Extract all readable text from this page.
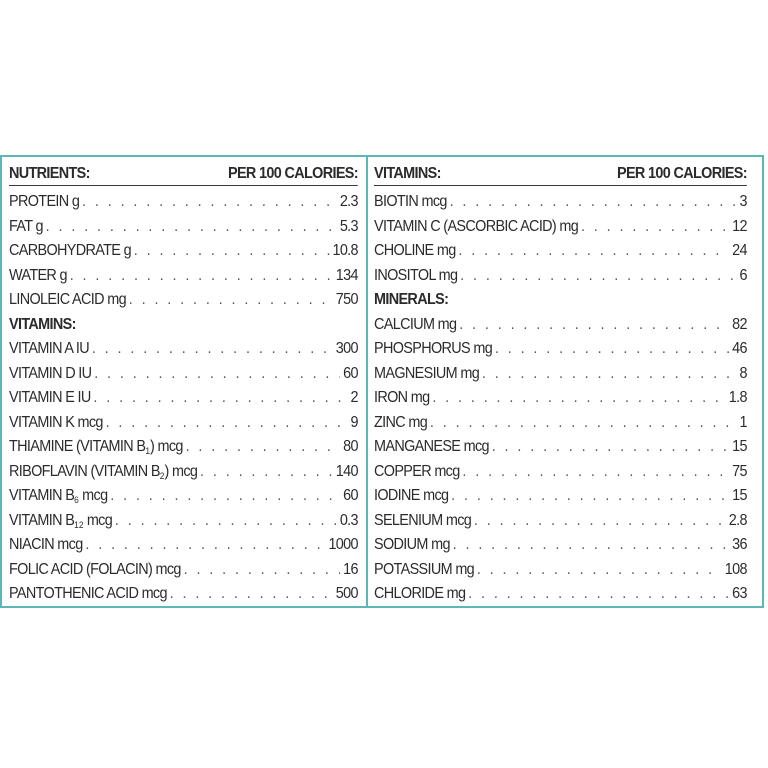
NUTRIENTS:	PER 100 CALORIES:
PROTEIN g . . .	2.3
FAT g . . .	5.3
CARBOHYDRATE g . . .	10.8
WATER g . . .	134
LINOLEIC ACID mg . . .	750
VITAMINS:
VITAMIN A IU . . .	300
VITAMIN D IU . . .	60
VITAMIN E IU . . .	2
VITAMIN K mcg . . .	9
THIAMINE (VITAMIN $B_1$) mcg . . .	80
RIBOFLAVIN (VITAMIN $B_2$) mcg . . .	140
VITAMIN $B_6$ mcg . . .	60
VITAMIN $B_{12}$ mcg . . .	0.3
NIACIN mcg . . .	1000
FOLIC ACID (FOLACIN) mcg . . .	16
PANTOTHENIC ACID mcg . . .	500
VITAMINS:	PER 100 CALORIES:
BIOTIN mcg . . .	3
VITAMIN C (ASCORBIC ACID) mg . . .	12
CHOLINE mg . . .	24
INOSITOL mg . . .	6
MINERALS:
CALCIUM mg . . .	82
PHOSPHORUS mg . . .	46
MAGNESIUM mg . . .	8
IRON mg . . .	1.8
ZINC mg . . .	1
MANGANESE mcg . . .	15
COPPER mcg . . .	75
IODINE mcg . . .	15
SELENIUM mcg . . .	2.8
SODIUM mg . . .	36
POTASSIUM mg . . .	108
CHLORIDE mg . . .	63
